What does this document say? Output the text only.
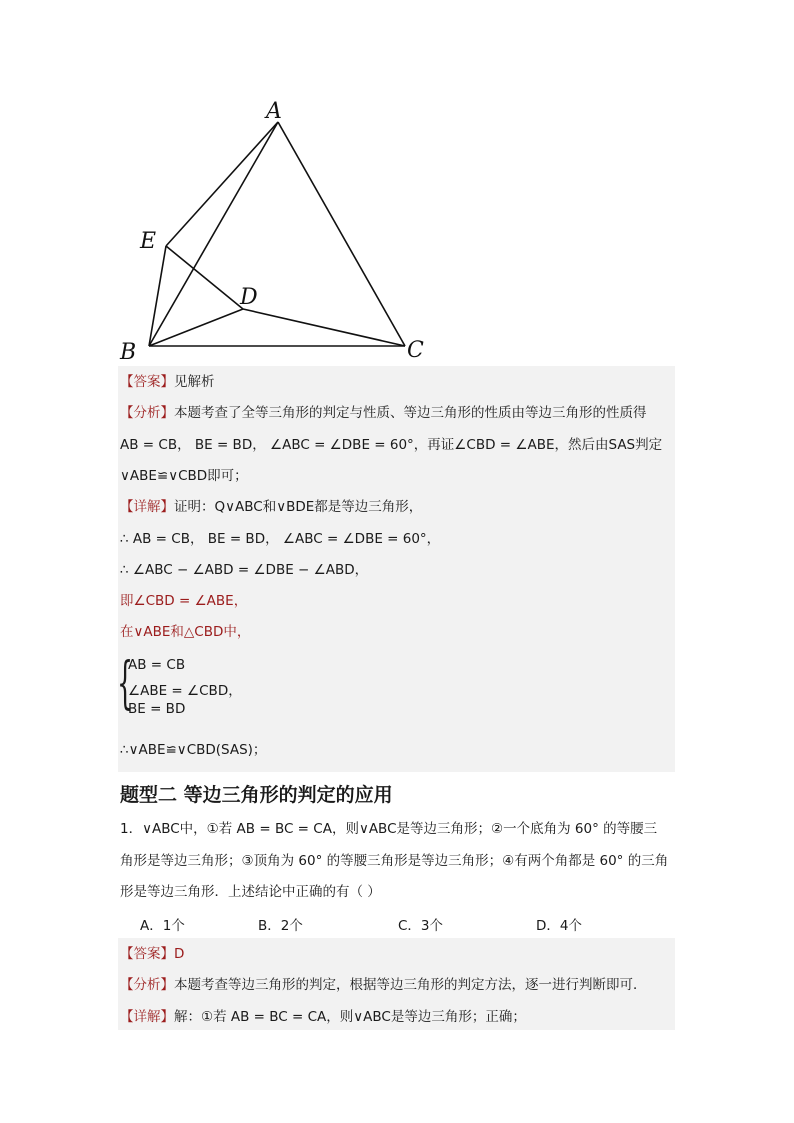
A
E
D
B	C
【答案】见解析
【分析】本题考查了全等三角形的判定与性质、等边三角形的性质由等边三角形的性质得
AB = CB， BE = BD， ∠ABC = ∠DBE = 60°，再证∠CBD = ∠ABE，然后由SAS判定
∨ABE≌∨CBD即可；
【详解】证明：Q∨ABC和∨BDE都是等边三角形，
∴ AB = CB， BE = BD， ∠ABC = ∠DBE = 60°，
∴ ∠ABC − ∠ABD = ∠DBE − ∠ABD，
即∠CBD = ∠ABE，
在∨ABE和△CBD中，
{
AB = CB
∠ABE = ∠CBD，
BE = BD
∴∨ABE≌∨CBD(SAS)；
题型二 等边三角形的判定的应用
1．∨ABC中，①若 AB = BC = CA，则∨ABC是等边三角形；②一个底角为 60° 的等腰三
角形是等边三角形；③顶角为 60° 的等腰三角形是等边三角形；④有两个角都是 60° 的三角
形是等边三角形．上述结论中正确的有（ ）
A．1个	B．2个	C．3个	D．4个
【答案】D
【分析】本题考查等边三角形的判定，根据等边三角形的判定方法，逐一进行判断即可．
【详解】解：①若 AB = BC = CA，则∨ABC是等边三角形；正确；
